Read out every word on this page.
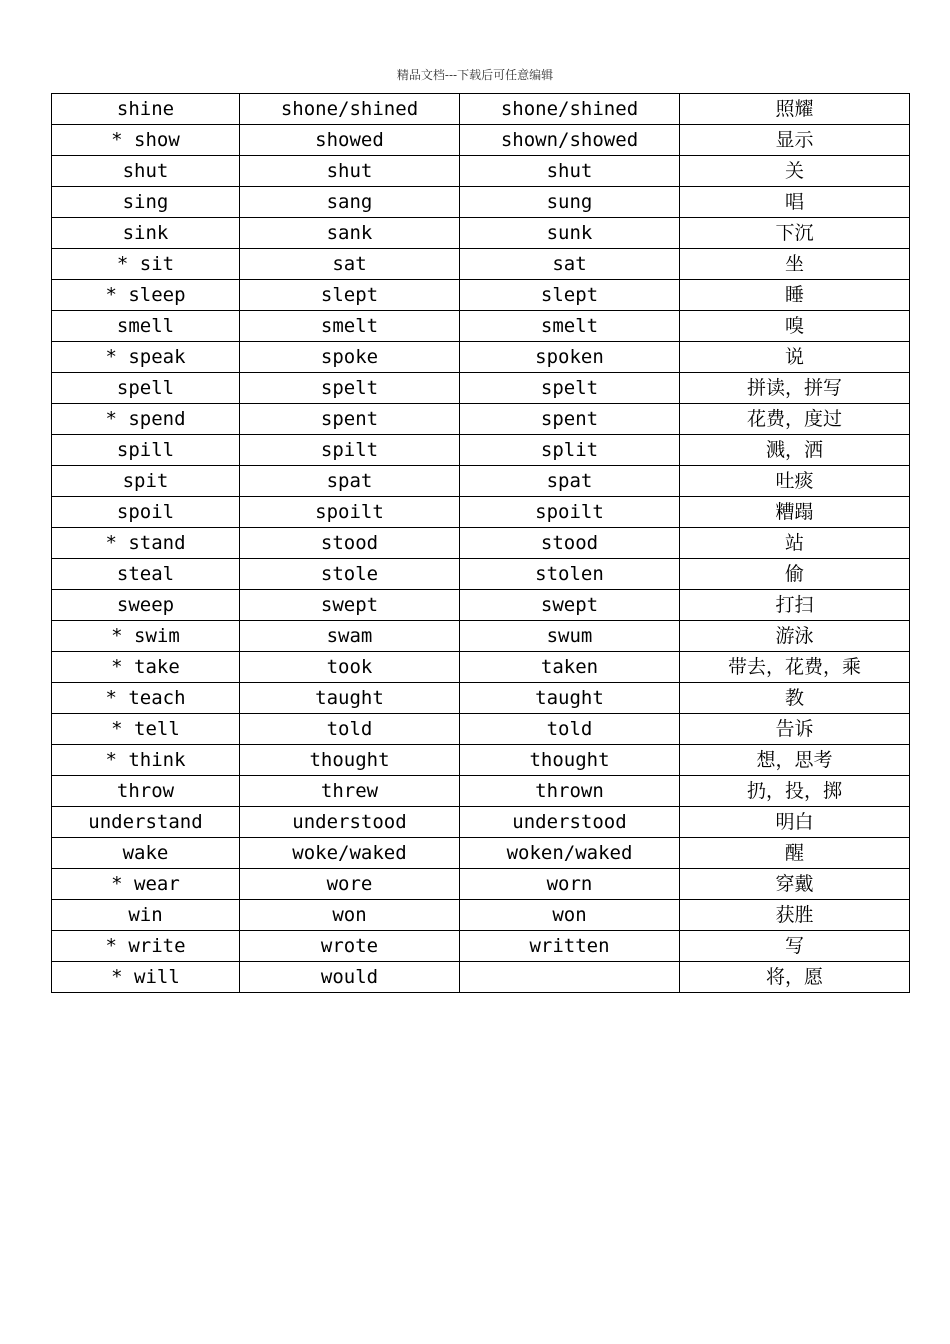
精品文档---下载后可任意编辑
shine	shone/shined	shone/shined	照耀
* show	showed	shown/showed	显示
shut	shut	shut	关
sing	sang	sung	唱
sink	sank	sunk	下沉
* sit	sat	sat	坐
* sleep	slept	slept	睡
smell	smelt	smelt	嗅
* speak	spoke	spoken	说
spell	spelt	spelt	拼读，拼写
* spend	spent	spent	花费，度过
spill	spilt	split	溅，洒
spit	spat	spat	吐痰
spoil	spoilt	spoilt	糟蹋
* stand	stood	stood	站
steal	stole	stolen	偷
sweep	swept	swept	打扫
* swim	swam	swum	游泳
* take	took	taken	带去，花费，乘
* teach	taught	taught	教
* tell	told	told	告诉
* think	thought	thought	想，思考
throw	threw	thrown	扔，投，掷
understand	understood	understood	明白
wake	woke/waked	woken/waked	醒
* wear	wore	worn	穿戴
win	won	won	获胜
* write	wrote	written	写
* will	would		将，愿
